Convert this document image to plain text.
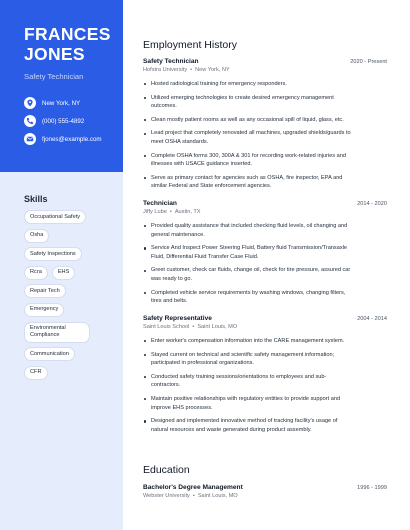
FRANCES
JONES
Safety Technician
New York, NY
(000) 555-4892
fjones@example.com
Skills
Occupational Safety
Osha
Safety Inspections
Rcra	EHS
Repair Tech
Emergency
Environmental Compliance
Communication
CFR
Employment History
Safety Technician	2020 - Present
Hofstra University • New York, NY
Hosted radiological training for emergency responders.
Utilized emerging technologies to create desired emergency management outcomes.
Clean mostly patient rooms as well as any occasional spill of liquid, glass, etc.
Lead project that completely renovated all machines, upgraded shields/guards to meet OSHA standards.
Complete OSHA forms 300, 300A & 301 for recording work-related injuries and illnesses with USACE guidance inserted.
Serve as primary contact for agencies such as OSHA, fire inspector, EPA and similar Federal and State enforcement agencies.
Technician	2014 - 2020
Jiffy Lube • Austin, TX
Provided quality assistance that included checking fluid levels, oil changing and general maintenance.
Service And Inspect Power Steering Fluid, Battery fluid Transmission/Transaxle Fluid, Differential Fluid Transfer Case Fluid.
Greet customer, check car fluids, change oil, check for tire pressure, assured car was ready to go.
Completed vehicle service requirements by washing windows, changing filters, tires and belts.
Safety Representative	2004 - 2014
Saint Louis School • Saint Louis, MO
Enter worker's compensation information into the CARE management system.
Stayed current on technical and scientific safety management information; participated in professional organizations.
Conducted safety training sessions/orientations to employees and sub-contractors.
Maintain positive relationships with regulatory entities to provide support and improve EHS processes.
Designed and implemented innovative method of tracking facility's usage of natural resources and waste generated during product assembly.
Education
Bachelor's Degree Management	1996 - 1999
Webster University • Saint Louis, MO
